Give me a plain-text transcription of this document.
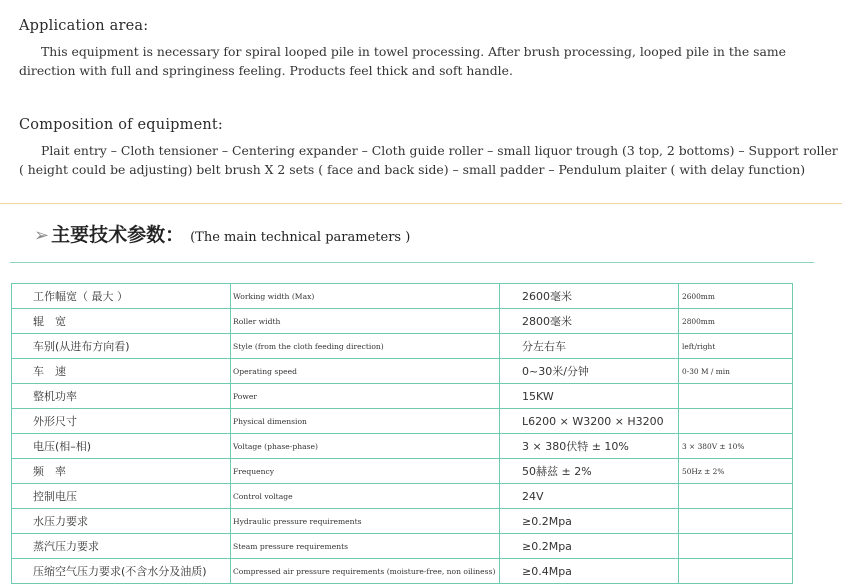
Application area:
This equipment is necessary for spiral looped pile in towel processing. After brush processing, looped pile in the same direction with full and springiness feeling. Products feel thick and soft handle.
Composition of equipment:
Plait entry – Cloth tensioner – Centering expander – Cloth guide roller – small liquor trough (3 top, 2 bottoms) – Support roller ( height could be adjusting) belt brush X 2 sets ( face and back side) – small padder – Pendulum plaiter ( with delay function)
➢ 主要技术参数： (The main technical parameters )
工作幅宽（ 最大 ）	Working width (Max)	2600毫米	2600mm
辊　宽	Roller width	2800毫米	2800mm
车别(从进布方向看)	Style (from the cloth feeding direction)	分左右车	left/right
车　速	Operating speed	0~30米/分钟	0-30 M / min
整机功率	Power	15KW	
外形尺寸	Physical dimension	L6200 × W3200 × H3200	
电压(相–相)	Voltage (phase-phase)	3 × 380伏特 ± 10%	3 × 380V ± 10%
频　率	Frequency	50赫兹 ± 2%	50Hz ± 2%
控制电压	Control voltage	24V	
水压力要求	Hydraulic pressure requirements	≥0.2Mpa	
蒸汽压力要求	Steam pressure requirements	≥0.2Mpa	
压缩空气压力要求(不含水分及油质)	Compressed air pressure requirements (moisture-free, non oiliness)	≥0.4Mpa	
